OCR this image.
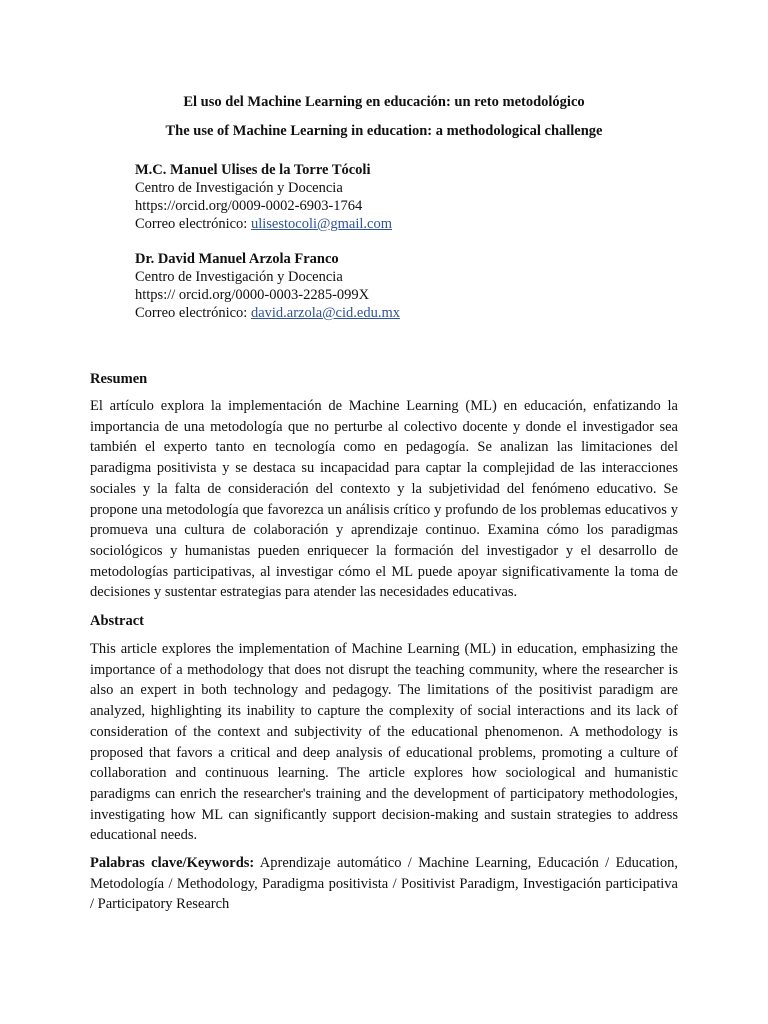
El uso del Machine Learning en educación: un reto metodológico
The use of Machine Learning in education: a methodological challenge
M.C. Manuel Ulises de la Torre Tócoli
Centro de Investigación y Docencia
https://orcid.org/0009-0002-6903-1764
Correo electrónico: ulisestocoli@gmail.com
Dr. David Manuel Arzola Franco
Centro de Investigación y Docencia
https:// orcid.org/0000-0003-2285-099X
Correo electrónico: david.arzola@cid.edu.mx
Resumen

El artículo explora la implementación de Machine Learning (ML) en educación, enfatizando la importancia de una metodología que no perturbe al colectivo docente y donde el investigador sea también el experto tanto en tecnología como en pedagogía. Se analizan las limitaciones del paradigma positivista y se destaca su incapacidad para captar la complejidad de las interacciones sociales y la falta de consideración del contexto y la subjetividad del fenómeno educativo. Se propone una metodología que favorezca un análisis crítico y profundo de los problemas educativos y promueva una cultura de colaboración y aprendizaje continuo. Examina cómo los paradigmas sociológicos y humanistas pueden enriquecer la formación del investigador y el desarrollo de metodologías participativas, al investigar cómo el ML puede apoyar significativamente la toma de decisiones y sustentar estrategias para atender las necesidades educativas.

Abstract

This article explores the implementation of Machine Learning (ML) in education, emphasizing the importance of a methodology that does not disrupt the teaching community, where the researcher is also an expert in both technology and pedagogy. The limitations of the positivist paradigm are analyzed, highlighting its inability to capture the complexity of social interactions and its lack of consideration of the context and subjectivity of the educational phenomenon. A methodology is proposed that favors a critical and deep analysis of educational problems, promoting a culture of collaboration and continuous learning. The article explores how sociological and humanistic paradigms can enrich the researcher's training and the development of participatory methodologies, investigating how ML can significantly support decision-making and sustain strategies to address educational needs.

Palabras clave/Keywords: Aprendizaje automático / Machine Learning, Educación / Education, Metodología / Methodology, Paradigma positivista / Positivist Paradigm, Investigación participativa / Participatory Research
